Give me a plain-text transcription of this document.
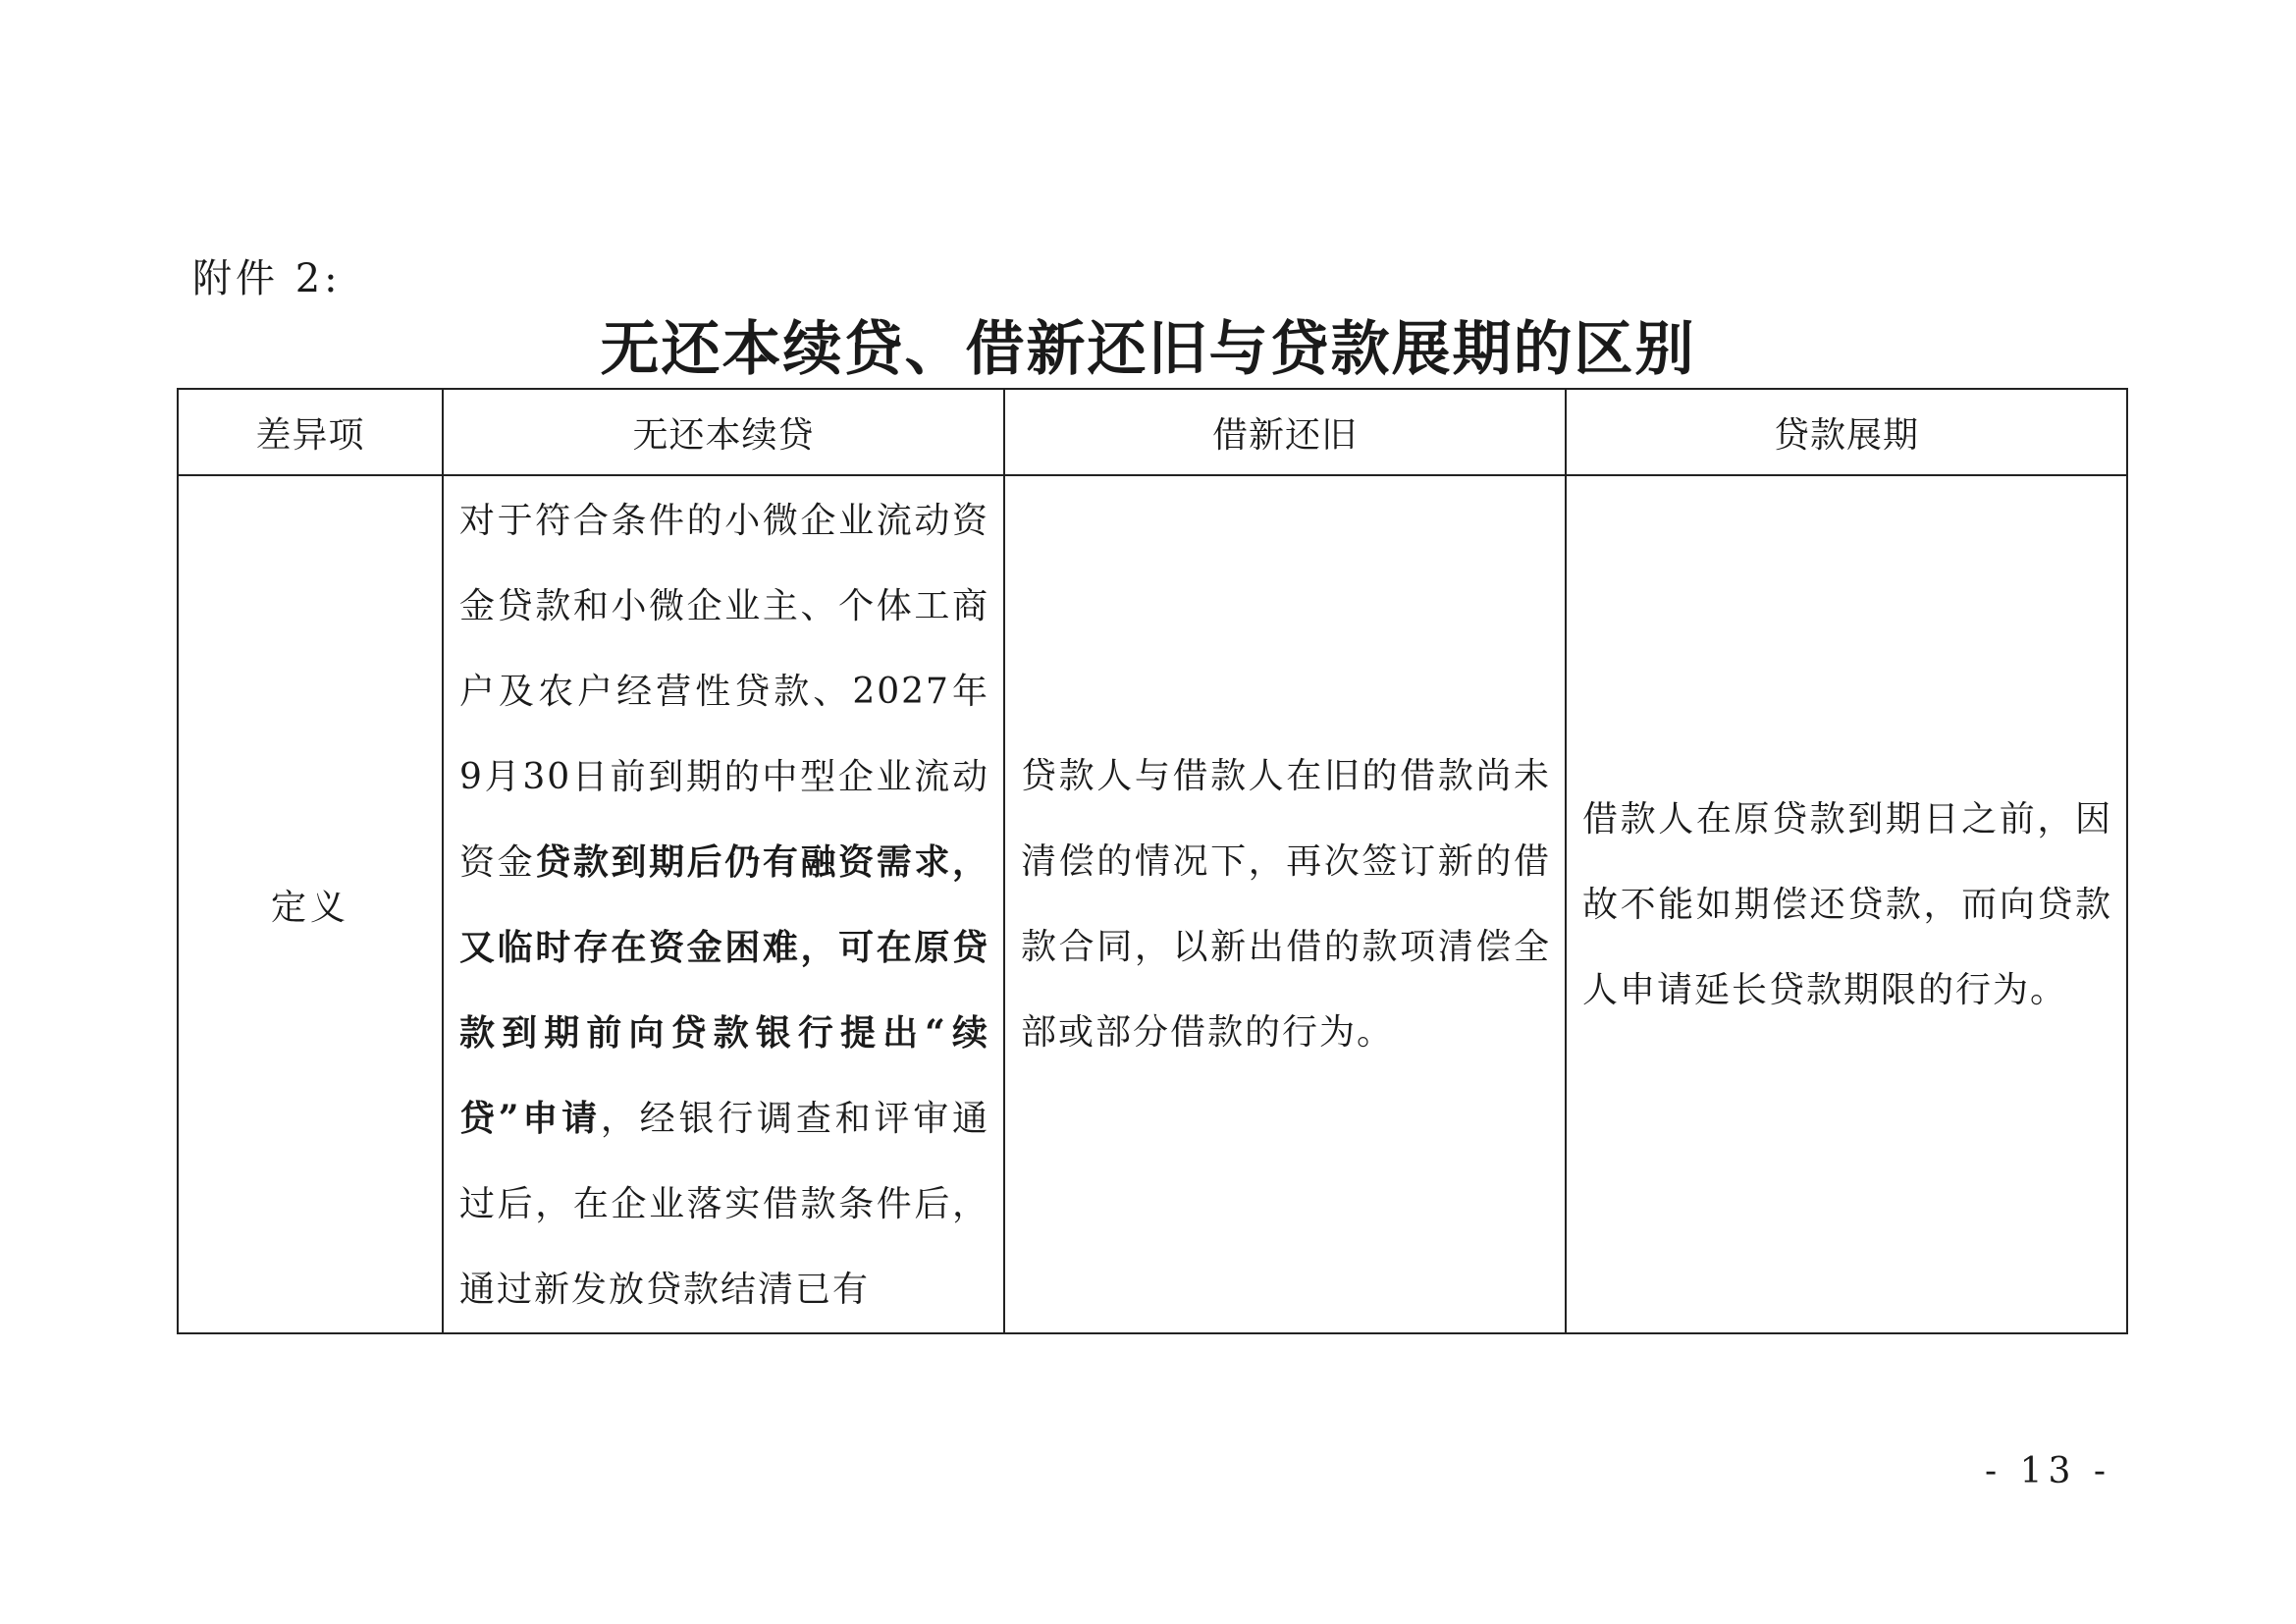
附件 2:
无还本续贷、借新还旧与贷款展期的区别
差异项	无还本续贷	借新还旧	贷款展期
定义	对于符合条件的小微企业流动资金贷款和小微企业主、个体工商户及农户经营性贷款、2027年9月30日前到期的中型企业流动资金贷款到期后仍有融资需求，又临时存在资金困难，可在原贷款到期前向贷款银行提出“续贷”申请，经银行调查和评审通过后，在企业落实借款条件后，通过新发放贷款结清已有	贷款人与借款人在旧的借款尚未清偿的情况下，再次签订新的借款合同，以新出借的款项清偿全部或部分借款的行为。	借款人在原贷款到期日之前，因故不能如期偿还贷款，而向贷款人申请延长贷款期限的行为。
- 13 -
